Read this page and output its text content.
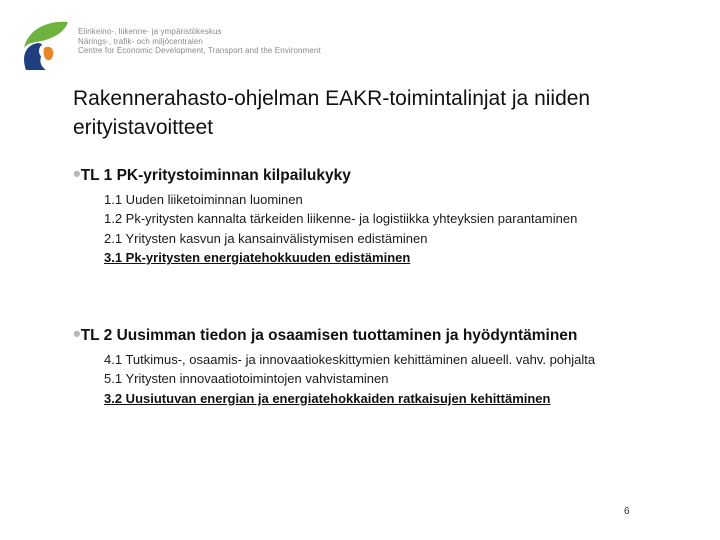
Elinkeino-, liikenne- ja ympäristökeskus
Närings-, trafik- och miljöcentralen
Centre for Economic Development, Transport and the Environment
Rakennerahasto-ohjelman EAKR-toimintalinjat ja niiden erityistavoitteet
•TL 1 PK-yritystoiminnan kilpailukyky
1.1 Uuden liiketoiminnan luominen
1.2 Pk-yritysten kannalta tärkeiden liikenne- ja logistiikka yhteyksien parantaminen
2.1 Yritysten kasvun ja kansainvälistymisen edistäminen
3.1 Pk-yritysten energiatehokkuuden edistäminen
•TL 2 Uusimman tiedon ja osaamisen tuottaminen ja hyödyntäminen
4.1 Tutkimus-, osaamis- ja innovaatiokeskittymien kehittäminen alueell. vahv. pohjalta
5.1 Yritysten innovaatiotoimintojen vahvistaminen
3.2 Uusiutuvan energian ja energiatehokkaiden ratkaisujen kehittäminen
6
